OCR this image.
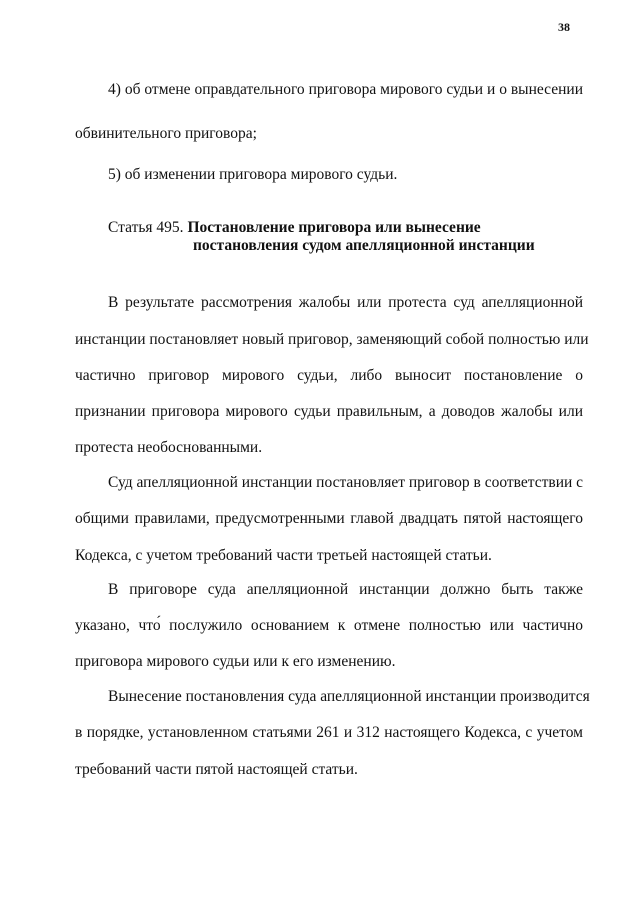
38
4) об отмене оправдательного приговора мирового судьи и о вынесении
обвинительного приговора;
5) об изменении приговора мирового судьи.
Статья 495. Постановление приговора или вынесение
постановления судом апелляционной инстанции
В результате рассмотрения жалобы или протеста суд апелляционной
инстанции постановляет новый приговор, заменяющий собой полностью или
частично приговор мирового судьи, либо выносит постановление о
признании приговора мирового судьи правильным, а доводов жалобы или
протеста необоснованными.
Суд апелляционной инстанции постановляет приговор в соответствии с
общими правилами, предусмотренными главой двадцать пятой настоящего
Кодекса, с учетом требований части третьей настоящей статьи.
В приговоре суда апелляционной инстанции должно быть также
указано, что́ послужило основанием к отмене полностью или частично
приговора мирового судьи или к его изменению.
Вынесение постановления суда апелляционной инстанции производится
в порядке, установленном статьями 261 и 312 настоящего Кодекса, с учетом
требований части пятой настоящей статьи.
